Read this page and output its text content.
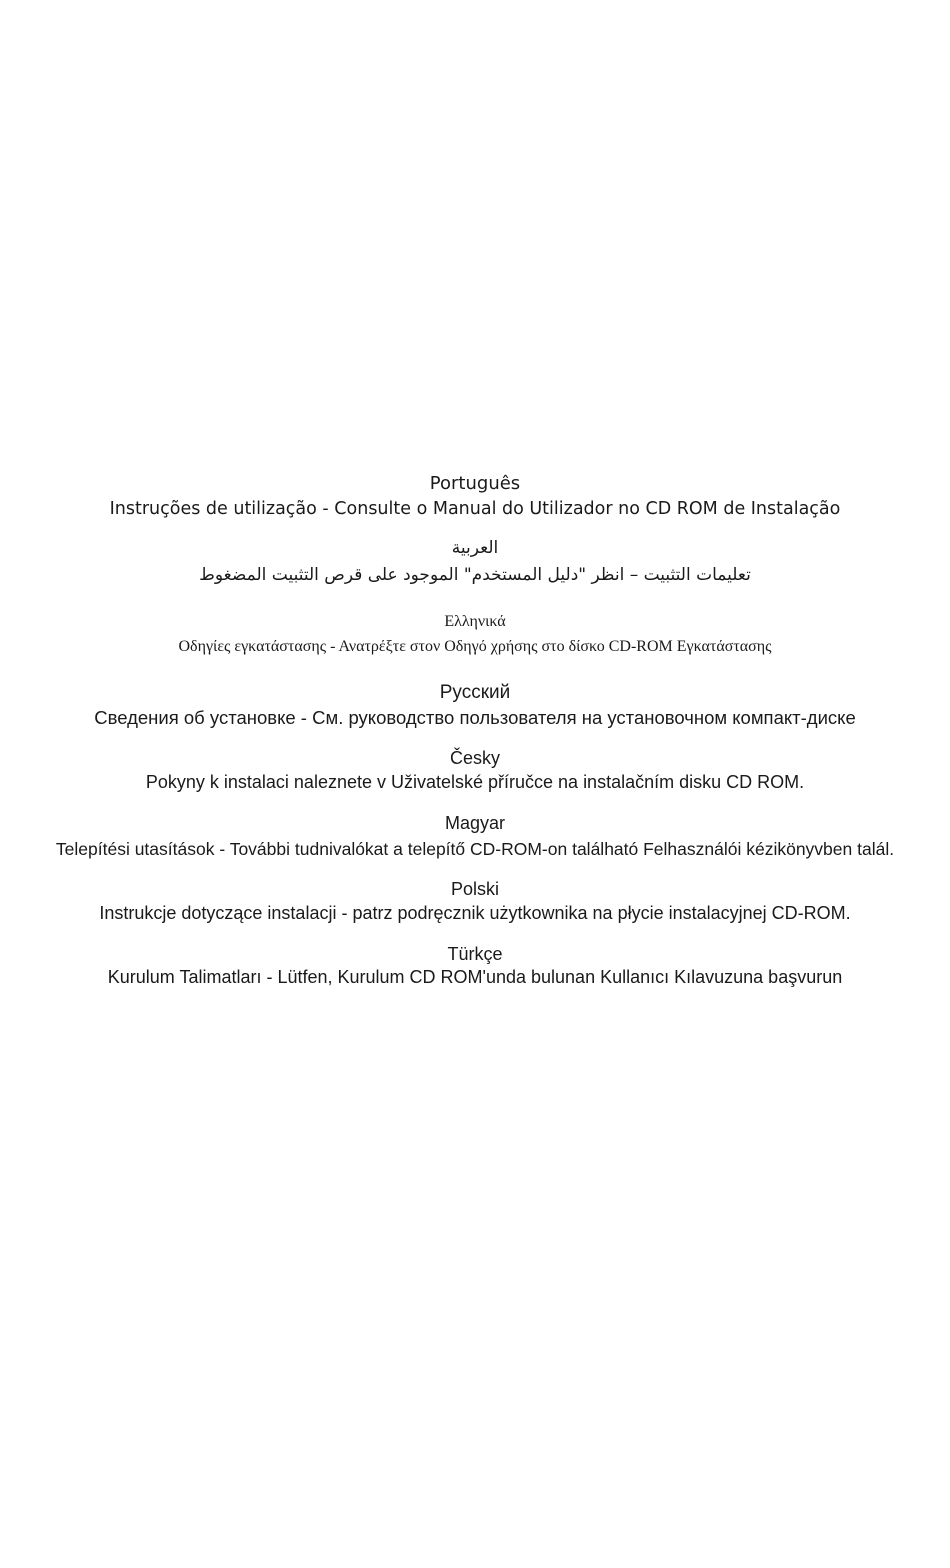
Português
Instruções de utilização - Consulte o Manual do Utilizador no CD ROM de Instalação
العربية
تعليمات التثبيت – انظر "دليل المستخدم" الموجود على قرص التثبيت المضغوط
Ελληνικά
Οδηγίες εγκατάστασης - Ανατρέξτε στον Οδηγό χρήσης στο δίσκο CD-ROM Εγκατάστασης
Русский
Сведения об установке - См. руководство пользователя на установочном компакт-диске
Česky
Pokyny k instalaci naleznete v Uživatelské příručce na instalačním disku CD ROM.
Magyar
Telepítési utasítások - További tudnivalókat a telepítő CD-ROM-on található Felhasználói kézikönyvben talál.
Polski
Instrukcje dotyczące instalacji - patrz podręcznik użytkownika na płycie instalacyjnej CD-ROM.
Türkçe
Kurulum Talimatları - Lütfen, Kurulum CD ROM'unda bulunan Kullanıcı Kılavuzuna başvurun
